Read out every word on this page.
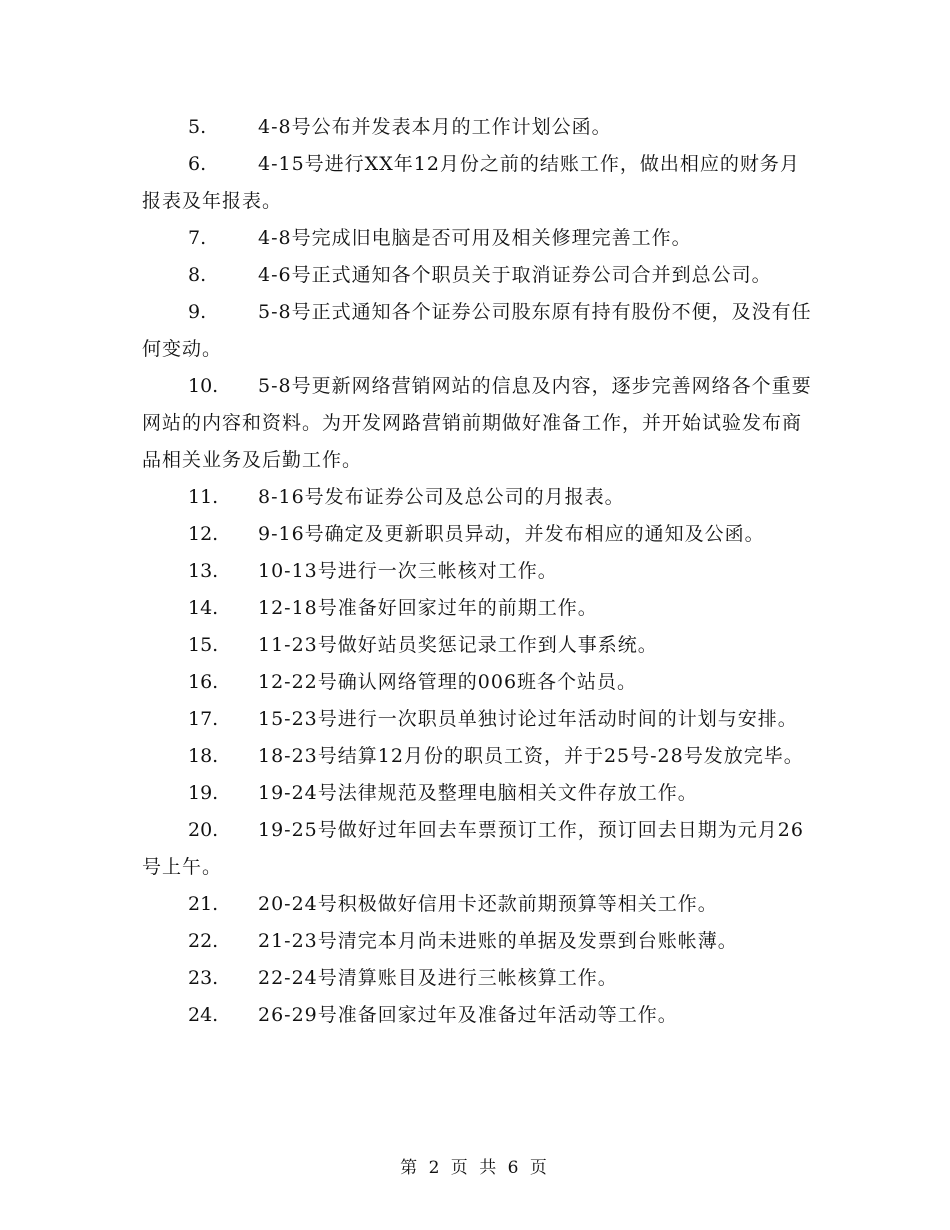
5.	4-8号公布并发表本月的工作计划公函。

6.	4-15号进行XX年12月份之前的结账工作，做出相应的财务月报表及年报表。

7.	4-8号完成旧电脑是否可用及相关修理完善工作。

8.	4-6号正式通知各个职员关于取消证券公司合并到总公司。

9.	5-8号正式通知各个证券公司股东原有持有股份不便，及没有任何变动。

10. 5-8号更新网络营销网站的信息及内容，逐步完善网络各个重要网站的内容和资料。为开发网路营销前期做好准备工作，并开始试验发布商品相关业务及后勤工作。

11. 8-16号发布证券公司及总公司的月报表。

12. 9-16号确定及更新职员异动，并发布相应的通知及公函。

13. 10-13号进行一次三帐核对工作。

14. 12-18号准备好回家过年的前期工作。

15. 11-23号做好站员奖惩记录工作到人事系统。

16. 12-22号确认网络管理的006班各个站员。

17. 15-23号进行一次职员单独讨论过年活动时间的计划与安排。

18. 18-23号结算12月份的职员工资，并于25号-28号发放完毕。

19. 19-24号法律规范及整理电脑相关文件存放工作。

20. 19-25号做好过年回去车票预订工作，预订回去日期为元月26号上午。

21. 20-24号积极做好信用卡还款前期预算等相关工作。

22. 21-23号清完本月尚未进账的单据及发票到台账帐薄。

23. 22-24号清算账目及进行三帐核算工作。

24. 26-29号准备回家过年及准备过年活动等工作。

第 2 页 共 6 页
